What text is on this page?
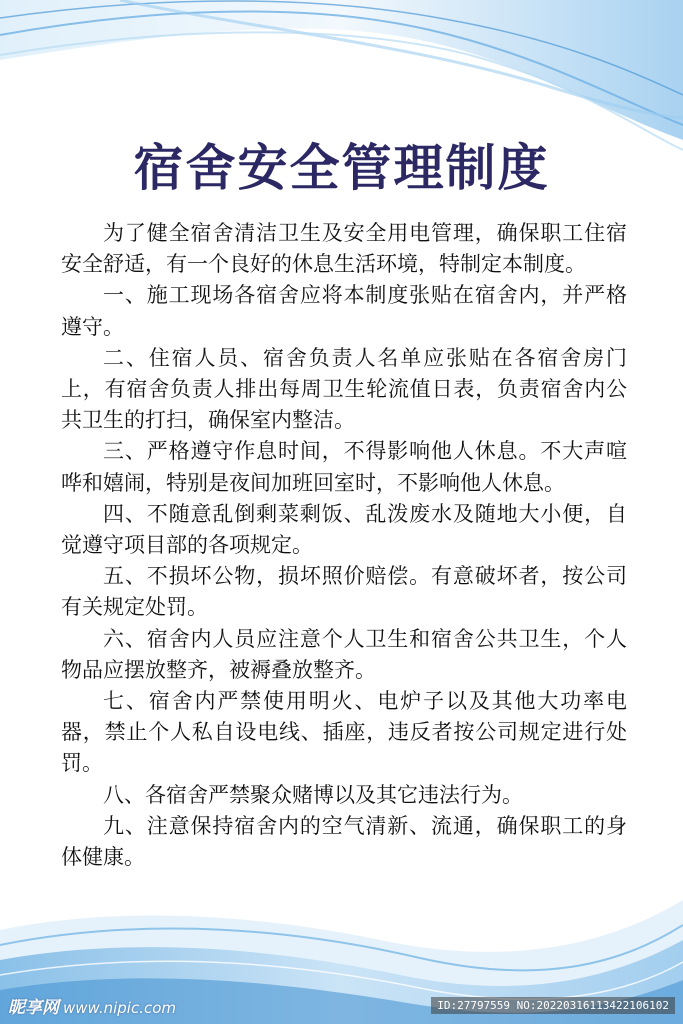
宿舍安全管理制度

为了健全宿舍清洁卫生及安全用电管理，确保职工住宿安全舒适，有一个良好的休息生活环境，特制定本制度。

一、施工现场各宿舍应将本制度张贴在宿舍内，并严格遵守。

二、住宿人员、宿舍负责人名单应张贴在各宿舍房门上，有宿舍负责人排出每周卫生轮流值日表，负责宿舍内公共卫生的打扫，确保室内整洁。

三、严格遵守作息时间，不得影响他人休息。不大声喧哗和嬉闹，特别是夜间加班回室时，不影响他人休息。

四、不随意乱倒剩菜剩饭、乱泼废水及随地大小便，自觉遵守项目部的各项规定。

五、不损坏公物，损坏照价赔偿。有意破坏者，按公司有关规定处罚。

六、宿舍内人员应注意个人卫生和宿舍公共卫生，个人物品应摆放整齐，被褥叠放整齐。

七、宿舍内严禁使用明火、电炉子以及其他大功率电器，禁止个人私自设电线、插座，违反者按公司规定进行处罚。

八、各宿舍严禁聚众赌博以及其它违法行为。

九、注意保持宿舍内的空气清新、流通，确保职工的身体健康。

昵享网 www.nipic.com	ID:27797559 NO:20220316113422106102
